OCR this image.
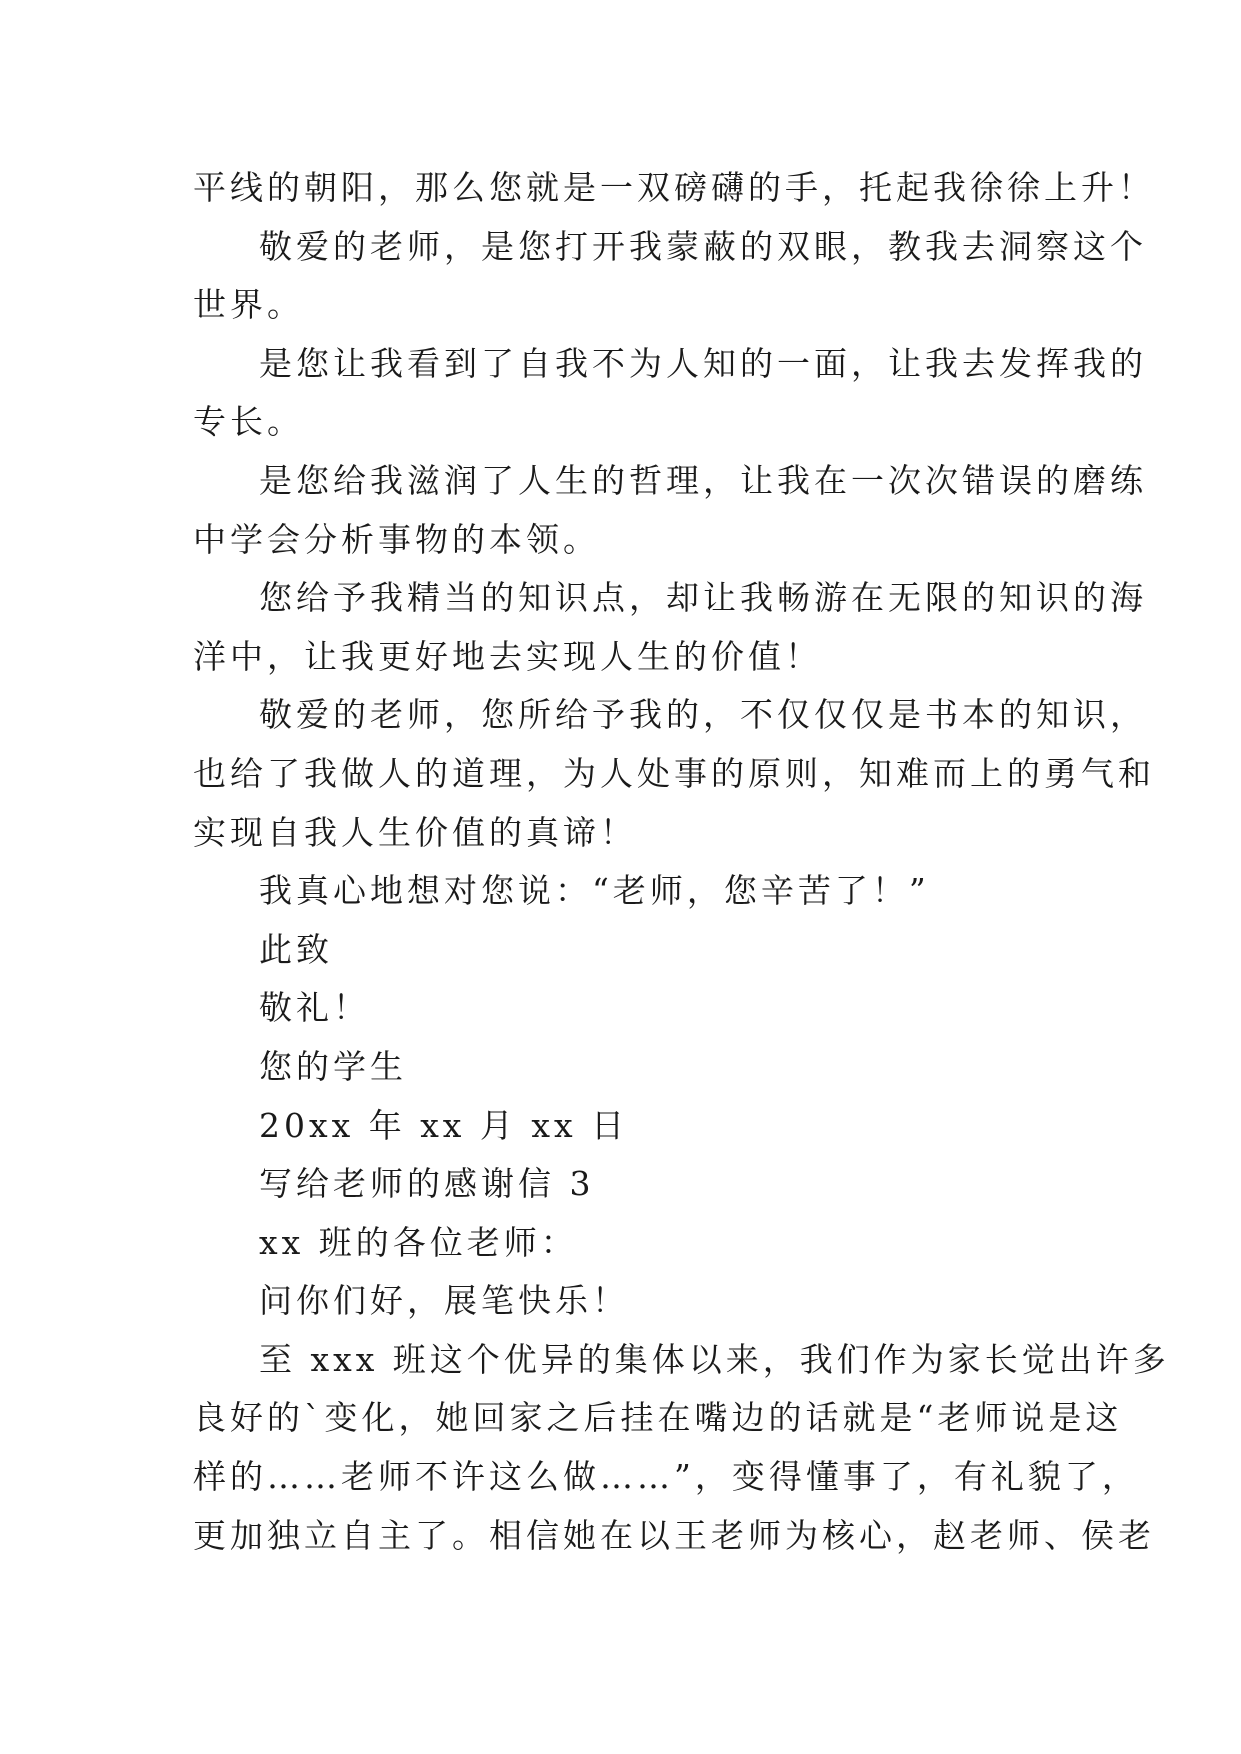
平线的朝阳，那么您就是一双磅礴的手，托起我徐徐上升！
敬爱的老师，是您打开我蒙蔽的双眼，教我去洞察这个
世界。
是您让我看到了自我不为人知的一面，让我去发挥我的
专长。
是您给我滋润了人生的哲理，让我在一次次错误的磨练
中学会分析事物的本领。
您给予我精当的知识点，却让我畅游在无限的知识的海
洋中，让我更好地去实现人生的价值！
敬爱的老师，您所给予我的，不仅仅仅是书本的知识，
也给了我做人的道理，为人处事的原则，知难而上的勇气和
实现自我人生价值的真谛！
我真心地想对您说：“老师，您辛苦了！”
此致
敬礼！
您的学生
20xx 年 xx 月 xx 日
写给老师的感谢信 3
xx 班的各位老师：
问你们好，展笔快乐！
至 xxx 班这个优异的集体以来，我们作为家长觉出许多
良好的`变化，她回家之后挂在嘴边的话就是“老师说是这
样的……老师不许这么做……”，变得懂事了，有礼貌了，
更加独立自主了。相信她在以王老师为核心，赵老师、侯老
